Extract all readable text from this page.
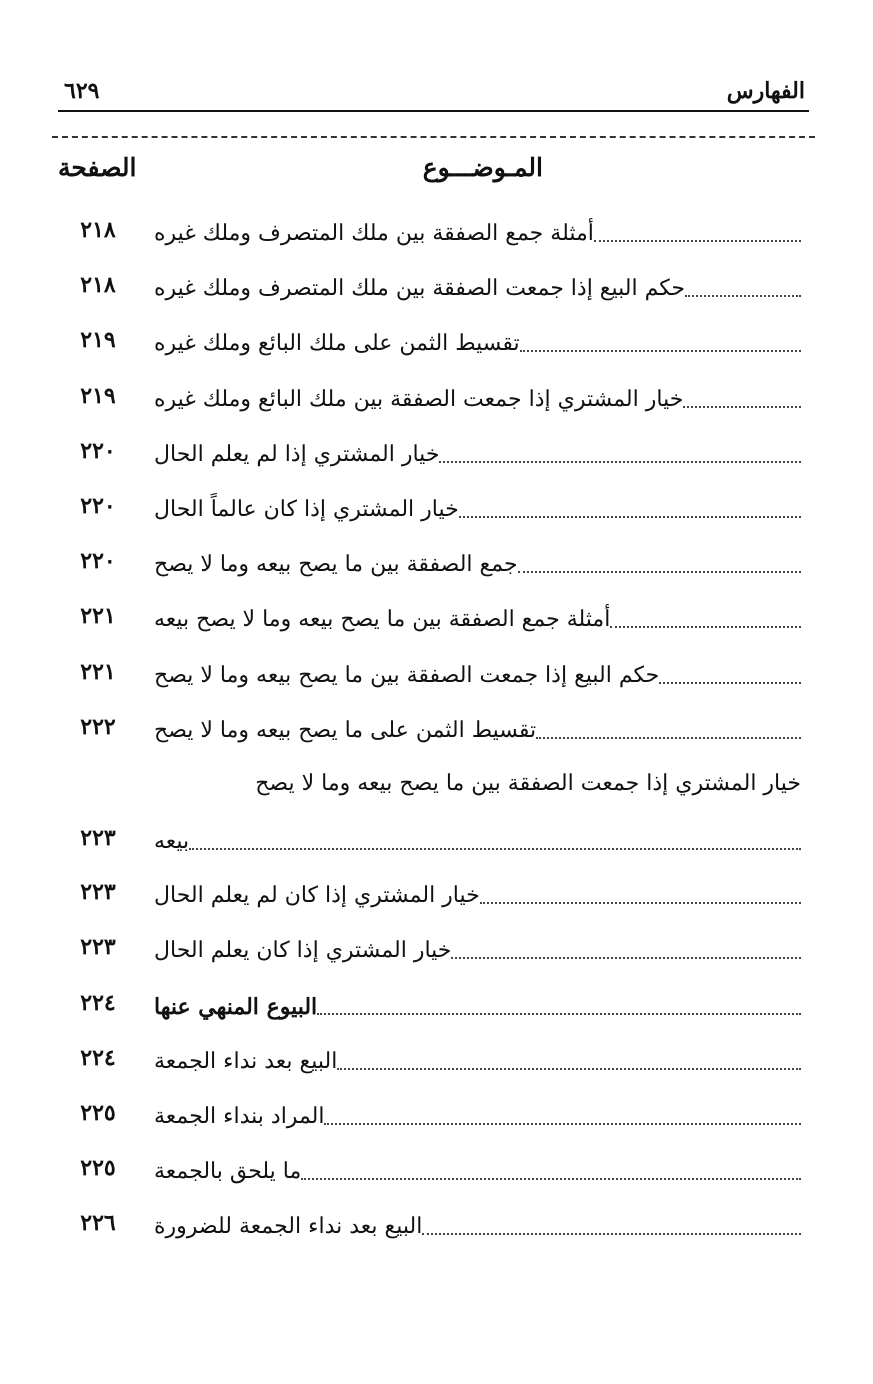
الفهارس
٦٢٩
المـوضـــوع
الصفحة
أمثلة جمع الصفقة بين ملك المتصرف وملك غيره
٢١٨
حكم البيع إذا جمعت الصفقة بين ملك المتصرف وملك غيره
٢١٨
تقسيط الثمن على ملك البائع وملك غيره
٢١٩
خيار المشتري إذا جمعت الصفقة بين ملك البائع وملك غيره
٢١٩
خيار المشتري إذا لم يعلم الحال
٢٢٠
خيار المشتري إذا كان عالماً الحال
٢٢٠
جمع الصفقة بين ما يصح بيعه وما لا يصح
٢٢٠
أمثلة جمع الصفقة بين ما يصح بيعه وما لا يصح بيعه
٢٢١
حكم البيع إذا جمعت الصفقة بين ما يصح بيعه وما لا يصح
٢٢١
تقسيط الثمن على ما يصح بيعه وما لا يصح
٢٢٢
خيار المشتري إذا جمعت الصفقة بين ما يصح بيعه وما لا يصح
بيعه
٢٢٣
خيار المشتري إذا كان لم يعلم الحال
٢٢٣
خيار المشتري إذا كان يعلم الحال
٢٢٣
البيوع المنهي عنها
٢٢٤
البيع بعد نداء الجمعة
٢٢٤
المراد بنداء الجمعة
٢٢٥
ما يلحق بالجمعة
٢٢٥
البيع بعد نداء الجمعة للضرورة
٢٢٦
